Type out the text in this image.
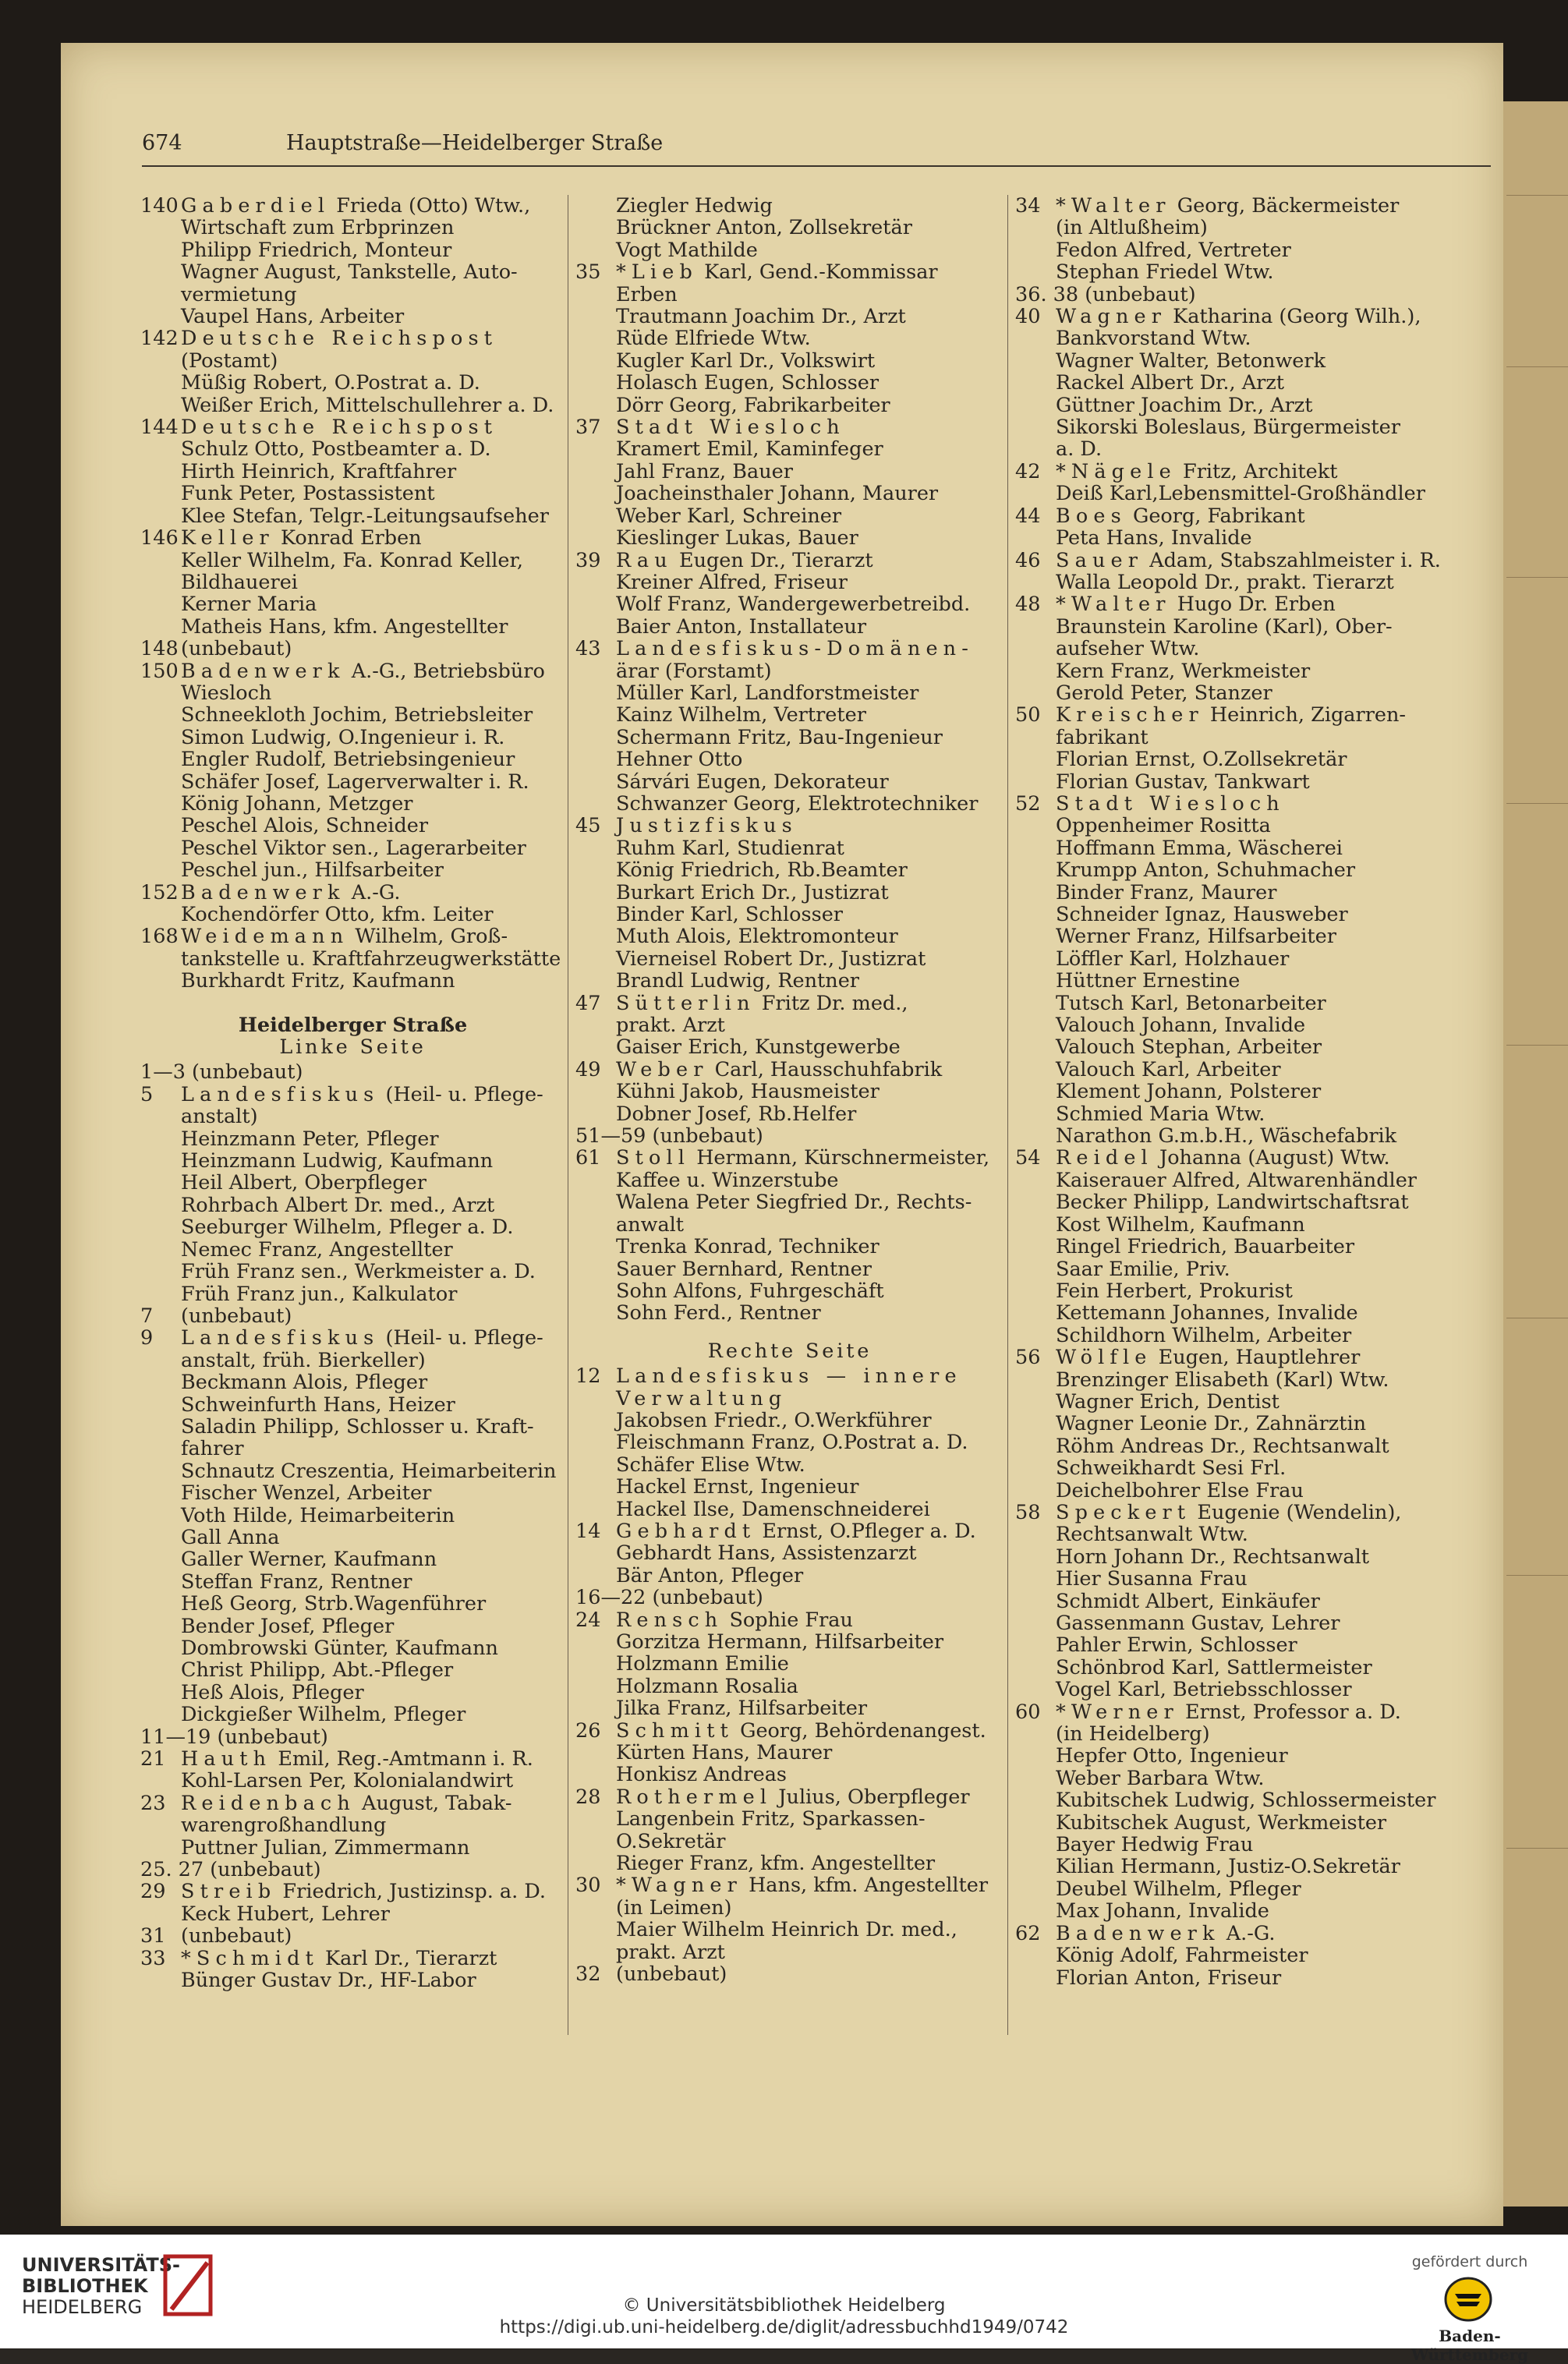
674	Hauptstraße—Heidelberger Straße
140 Gaberdiel Frieda (Otto) Wtw.,
Wirtschaft zum Erbprinzen
Philipp Friedrich, Monteur
Wagner August, Tankstelle, Auto-
vermietung
Vaupel Hans, Arbeiter
142 Deutsche Reichspost
(Postamt)
Müßig Robert, O.Postrat a. D.
Weißer Erich, Mittelschullehrer a. D.
144 Deutsche Reichspost
Schulz Otto, Postbeamter a. D.
Hirth Heinrich, Kraftfahrer
Funk Peter, Postassistent
Klee Stefan, Telgr.-Leitungsaufseher
146 Keller Konrad Erben
Keller Wilhelm, Fa. Konrad Keller,
Bildhauerei
Kerner Maria
Matheis Hans, kfm. Angestellter
148 (unbebaut)
150 Badenwerk A.-G., Betriebsbüro
Wiesloch
Schneekloth Jochim, Betriebsleiter
Simon Ludwig, O.Ingenieur i. R.
Engler Rudolf, Betriebsingenieur
Schäfer Josef, Lagerverwalter i. R.
König Johann, Metzger
Peschel Alois, Schneider
Peschel Viktor sen., Lagerarbeiter
Peschel jun., Hilfsarbeiter
152 Badenwerk A.-G.
Kochendörfer Otto, kfm. Leiter
168 Weidemann Wilhelm, Groß-
tankstelle u. Kraftfahrzeugwerkstätte
Burkhardt Fritz, Kaufmann
Heidelberger Straße
Linke Seite
1—3 (unbebaut)
5 Landesfiskus (Heil- u. Pflege-
anstalt)
Heinzmann Peter, Pfleger
Heinzmann Ludwig, Kaufmann
Heil Albert, Oberpfleger
Rohrbach Albert Dr. med., Arzt
Seeburger Wilhelm, Pfleger a. D.
Nemec Franz, Angestellter
Früh Franz sen., Werkmeister a. D.
Früh Franz jun., Kalkulator
7 (unbebaut)
9 Landesfiskus (Heil- u. Pflege-
anstalt, früh. Bierkeller)
Beckmann Alois, Pfleger
Schweinfurth Hans, Heizer
Saladin Philipp, Schlosser u. Kraft-
fahrer
Schnautz Creszentia, Heimarbeiterin
Fischer Wenzel, Arbeiter
Voth Hilde, Heimarbeiterin
Gall Anna
Galler Werner, Kaufmann
Steffan Franz, Rentner
Heß Georg, Strb.Wagenführer
Bender Josef, Pfleger
Dombrowski Günter, Kaufmann
Christ Philipp, Abt.-Pfleger
Heß Alois, Pfleger
Dickgießer Wilhelm, Pfleger
11—19 (unbebaut)
21 Hauth Emil, Reg.-Amtmann i. R.
Kohl-Larsen Per, Kolonialandwirt
23 Reidenbach August, Tabak-
warengroßhandlung
Puttner Julian, Zimmermann
25. 27 (unbebaut)
29 Streib Friedrich, Justizinsp. a. D.
Keck Hubert, Lehrer
31 (unbebaut)
33 *Schmidt Karl Dr., Tierarzt
Bünger Gustav Dr., HF-Labor
Ziegler Hedwig
Brückner Anton, Zollsekretär
Vogt Mathilde
35 *Lieb Karl, Gend.-Kommissar
Erben
Trautmann Joachim Dr., Arzt
Rüde Elfriede Wtw.
Kugler Karl Dr., Volkswirt
Holasch Eugen, Schlosser
Dörr Georg, Fabrikarbeiter
37 Stadt Wiesloch
Kramert Emil, Kaminfeger
Jahl Franz, Bauer
Joacheinsthaler Johann, Maurer
Weber Karl, Schreiner
Kieslinger Lukas, Bauer
39 Rau Eugen Dr., Tierarzt
Kreiner Alfred, Friseur
Wolf Franz, Wandergewerbetreibd.
Baier Anton, Installateur
43 Landesfiskus-Domänen-
ärar (Forstamt)
Müller Karl, Landforstmeister
Kainz Wilhelm, Vertreter
Schermann Fritz, Bau-Ingenieur
Hehner Otto
Sárvári Eugen, Dekorateur
Schwanzer Georg, Elektrotechniker
45 Justizfiskus
Ruhm Karl, Studienrat
König Friedrich, Rb.Beamter
Burkart Erich Dr., Justizrat
Binder Karl, Schlosser
Muth Alois, Elektromonteur
Vierneisel Robert Dr., Justizrat
Brandl Ludwig, Rentner
47 Sütterlin Fritz Dr. med.,
prakt. Arzt
Gaiser Erich, Kunstgewerbe
49 Weber Carl, Hausschuhfabrik
Kühni Jakob, Hausmeister
Dobner Josef, Rb.Helfer
51—59 (unbebaut)
61 Stoll Hermann, Kürschnermeister,
Kaffee u. Winzerstube
Walena Peter Siegfried Dr., Rechts-
anwalt
Trenka Konrad, Techniker
Sauer Bernhard, Rentner
Sohn Alfons, Fuhrgeschäft
Sohn Ferd., Rentner
Rechte Seite
12 Landesfiskus — innere
Verwaltung
Jakobsen Friedr., O.Werkführer
Fleischmann Franz, O.Postrat a. D.
Schäfer Elise Wtw.
Hackel Ernst, Ingenieur
Hackel Ilse, Damenschneiderei
14 Gebhardt Ernst, O.Pfleger a. D.
Gebhardt Hans, Assistenzarzt
Bär Anton, Pfleger
16—22 (unbebaut)
24 Rensch Sophie Frau
Gorzitza Hermann, Hilfsarbeiter
Holzmann Emilie
Holzmann Rosalia
Jilka Franz, Hilfsarbeiter
26 Schmitt Georg, Behördenangest.
Kürten Hans, Maurer
Honkisz Andreas
28 Rothermel Julius, Oberpfleger
Langenbein Fritz, Sparkassen-
O.Sekretär
Rieger Franz, kfm. Angestellter
30 *Wagner Hans, kfm. Angestellter
(in Leimen)
Maier Wilhelm Heinrich Dr. med.,
prakt. Arzt
32 (unbebaut)
34 *Walter Georg, Bäckermeister
(in Altlußheim)
Fedon Alfred, Vertreter
Stephan Friedel Wtw.
36. 38 (unbebaut)
40 Wagner Katharina (Georg Wilh.),
Bankvorstand Wtw.
Wagner Walter, Betonwerk
Rackel Albert Dr., Arzt
Güttner Joachim Dr., Arzt
Sikorski Boleslaus, Bürgermeister
a. D.
42 *Nägele Fritz, Architekt
Deiß Karl,Lebensmittel-Großhändler
44 Boes Georg, Fabrikant
Peta Hans, Invalide
46 Sauer Adam, Stabszahlmeister i. R.
Walla Leopold Dr., prakt. Tierarzt
48 *Walter Hugo Dr. Erben
Braunstein Karoline (Karl), Ober-
aufseher Wtw.
Kern Franz, Werkmeister
Gerold Peter, Stanzer
50 Kreischer Heinrich, Zigarren-
fabrikant
Florian Ernst, O.Zollsekretär
Florian Gustav, Tankwart
52 Stadt Wiesloch
Oppenheimer Rositta
Hoffmann Emma, Wäscherei
Krumpp Anton, Schuhmacher
Binder Franz, Maurer
Schneider Ignaz, Hausweber
Werner Franz, Hilfsarbeiter
Löffler Karl, Holzhauer
Hüttner Ernestine
Tutsch Karl, Betonarbeiter
Valouch Johann, Invalide
Valouch Stephan, Arbeiter
Valouch Karl, Arbeiter
Klement Johann, Polsterer
Schmied Maria Wtw.
Narathon G.m.b.H., Wäschefabrik
54 Reidel Johanna (August) Wtw.
Kaiserauer Alfred, Altwarenhändler
Becker Philipp, Landwirtschaftsrat
Kost Wilhelm, Kaufmann
Ringel Friedrich, Bauarbeiter
Saar Emilie, Priv.
Fein Herbert, Prokurist
Kettemann Johannes, Invalide
Schildhorn Wilhelm, Arbeiter
56 Wölfle Eugen, Hauptlehrer
Brenzinger Elisabeth (Karl) Wtw.
Wagner Erich, Dentist
Wagner Leonie Dr., Zahnärztin
Röhm Andreas Dr., Rechtsanwalt
Schweikhardt Sesi Frl.
Deichelbohrer Else Frau
58 Speckert Eugenie (Wendelin),
Rechtsanwalt Wtw.
Horn Johann Dr., Rechtsanwalt
Hier Susanna Frau
Schmidt Albert, Einkäufer
Gassenmann Gustav, Lehrer
Pahler Erwin, Schlosser
Schönbrod Karl, Sattlermeister
Vogel Karl, Betriebsschlosser
60 *Werner Ernst, Professor a. D.
(in Heidelberg)
Hepfer Otto, Ingenieur
Weber Barbara Wtw.
Kubitschek Ludwig, Schlossermeister
Kubitschek August, Werkmeister
Bayer Hedwig Frau
Kilian Hermann, Justiz-O.Sekretär
Deubel Wilhelm, Pfleger
Max Johann, Invalide
62 Badenwerk A.-G.
König Adolf, Fahrmeister
Florian Anton, Friseur
UNIVERSITÄTS-
BIBLIOTHEK
HEIDELBERG	© Universitätsbibliothek Heidelberg
https://digi.ub.uni-heidelberg.de/diglit/adressbuchhd1949/0742
gefördert durch
Baden-Württemberg
